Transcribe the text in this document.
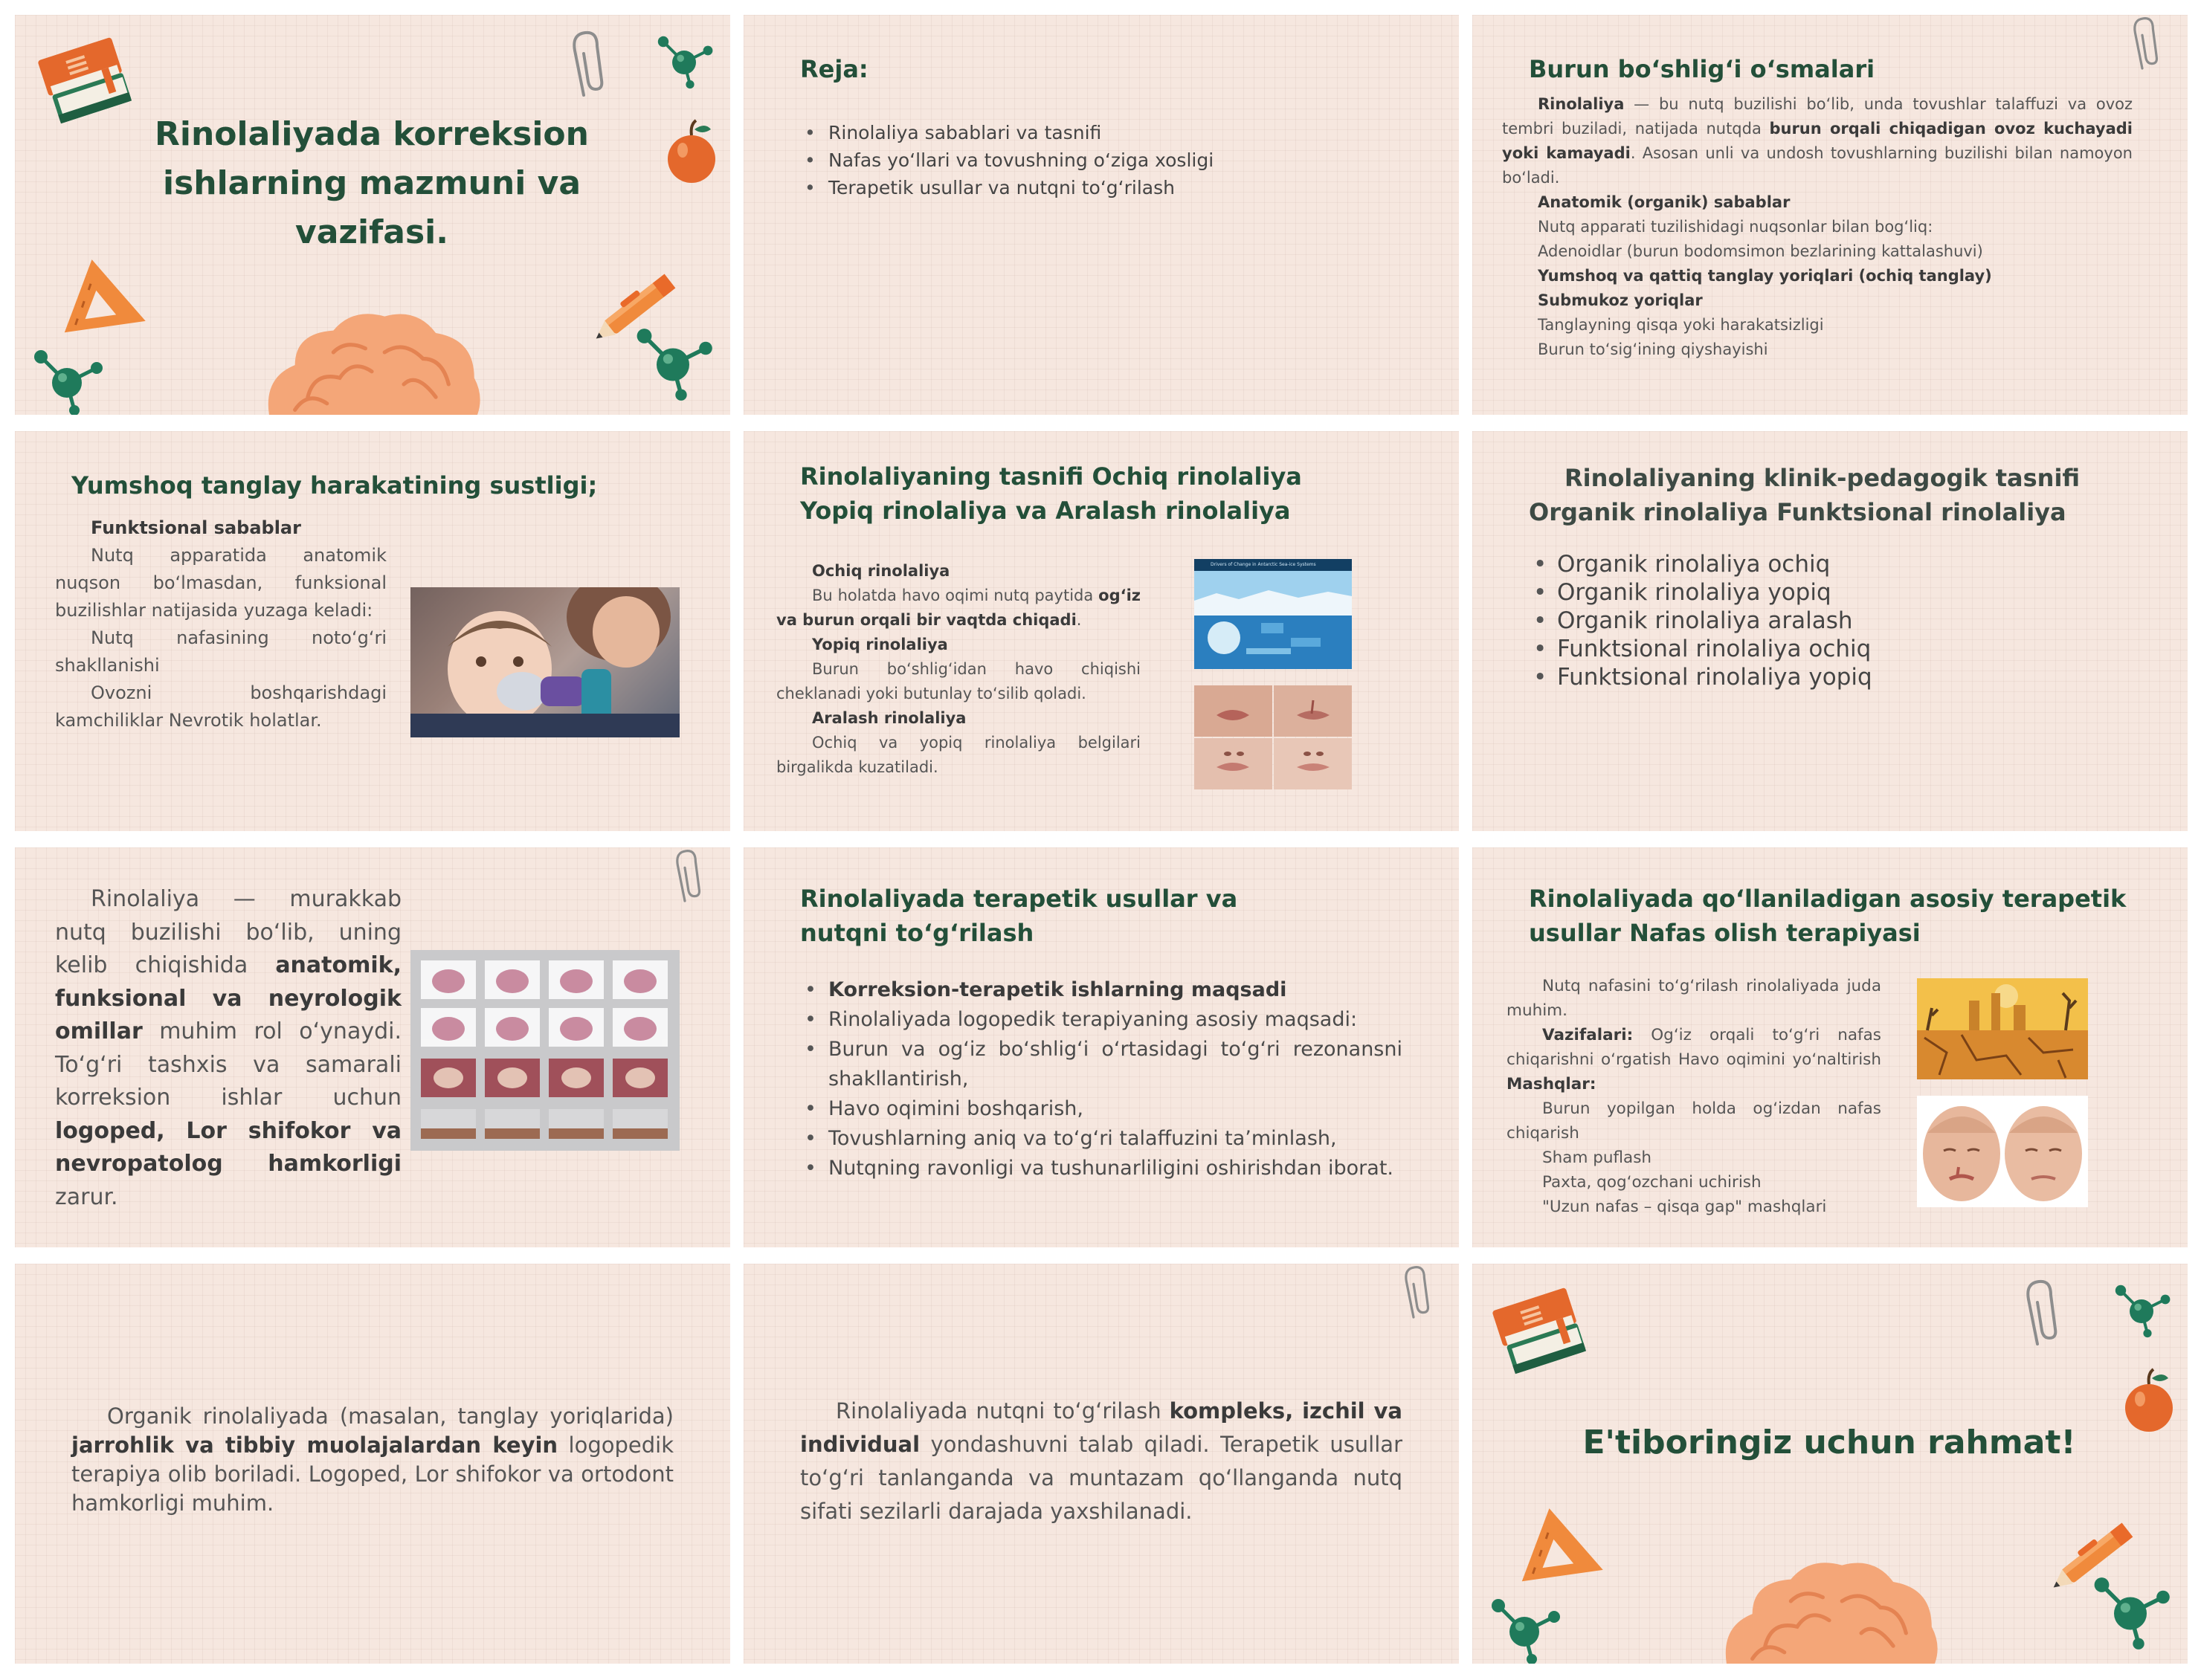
Rinolaliyada korreksion ishlarning mazmuni va vazifasi.

Reja:

• Rinolaliya sabablari va tasnifi
• Nafas yo‘llari va tovushning o‘ziga xosligi
• Terapetik usullar va nutqni to‘g‘rilash

Burun bo‘shlig‘i o‘smalari

Rinolaliya — bu nutq buzilishi bo‘lib, unda tovushlar talaffuzi va ovoz tembri buziladi, natijada nutqda burun orqali chiqadigan ovoz kuchayadi yoki kamayadi. Asosan unli va undosh tovushlarning buzilishi bilan namoyon bo‘ladi.

Anatomik (organik) sabablar

Nutq apparati tuzilishidagi nuqsonlar bilan bog‘liq:

Adenoidlar (burun bodomsimon bezlarining kattalashuvi)

Yumshoq va qattiq tanglay yoriqlari (ochiq tanglay)

Submukoz yoriqlar

Tanglayning qisqa yoki harakatsizligi

Burun to‘sig‘ining qiyshayishi

Yumshoq tanglay harakatining sustligi;

Funktsional sabablar

Nutq apparatida anatomik nuqson bo‘lmasdan, funksional buzilishlar natijasida yuzaga keladi:

Nutq nafasining noto‘g‘ri shakllanishi

Ovozni boshqarishdagi kamchiliklar Nevrotik holatlar.

Rinolaliyaning tasnifi Ochiq rinolaliya Yopiq rinolaliya va Aralash rinolaliya

Ochiq rinolaliya

Bu holatda havo oqimi nutq paytida og‘iz va burun orqali bir vaqtda chiqadi.

Yopiq rinolaliya

Burun bo‘shlig‘idan havo chiqishi cheklanadi yoki butunlay to‘silib qoladi.

Aralash rinolaliya

Ochiq va yopiq rinolaliya belgilari birgalikda kuzatiladi.

Drivers of Change in Antarctic Sea-ice Systems

Rinolaliyaning klinik-pedagogik tasnifi Organik rinolaliya Funktsional rinolaliya

• Organik rinolaliya ochiq
• Organik rinolaliya yopiq
• Organik rinolaliya aralash
• Funktsional rinolaliya ochiq
• Funktsional rinolaliya yopiq

Rinolaliya — murakkab nutq buzilishi bo‘lib, uning kelib chiqishida anatomik, funksional va neyrologik omillar muhim rol o‘ynaydi. To‘g‘ri tashxis va samarali korreksion ishlar uchun logoped, Lor shifokor va nevropatolog hamkorligi zarur.

Rinolaliyada terapetik usullar va nutqni to‘g‘rilash

• Korreksion-terapetik ishlarning maqsadi
• Rinolaliyada logopedik terapiyaning asosiy maqsadi:
• Burun va og‘iz bo‘shlig‘i o‘rtasidagi to‘g‘ri rezonansni shakllantirish,
• Havo oqimini boshqarish,
• Tovushlarning aniq va to‘g‘ri talaffuzini ta’minlash,
• Nutqning ravonligi va tushunarliligini oshirishdan iborat.

Rinolaliyada qo‘llaniladigan asosiy terapetik usullar Nafas olish terapiyasi

Nutq nafasini to‘g‘rilash rinolaliyada juda muhim.

Vazifalari: Og‘iz orqali to‘g‘ri nafas chiqarishni o‘rgatish Havo oqimini yo‘naltirish Mashqlar:

Burun yopilgan holda og‘izdan nafas chiqarish

Sham puflash

Paxta, qog‘ozchani uchirish

"Uzun nafas – qisqa gap" mashqlari

Organik rinolaliyada (masalan, tanglay yoriqlarida) jarrohlik va tibbiy muolajalardan keyin logopedik terapiya olib boriladi. Logoped, Lor shifokor va ortodont hamkorligi muhim.

Rinolaliyada nutqni to‘g‘rilash kompleks, izchil va individual yondashuvni talab qiladi. Terapetik usullar to‘g‘ri tanlanganda va muntazam qo‘llanganda nutq sifati sezilarli darajada yaxshilanadi.

E'tiboringiz uchun rahmat!
